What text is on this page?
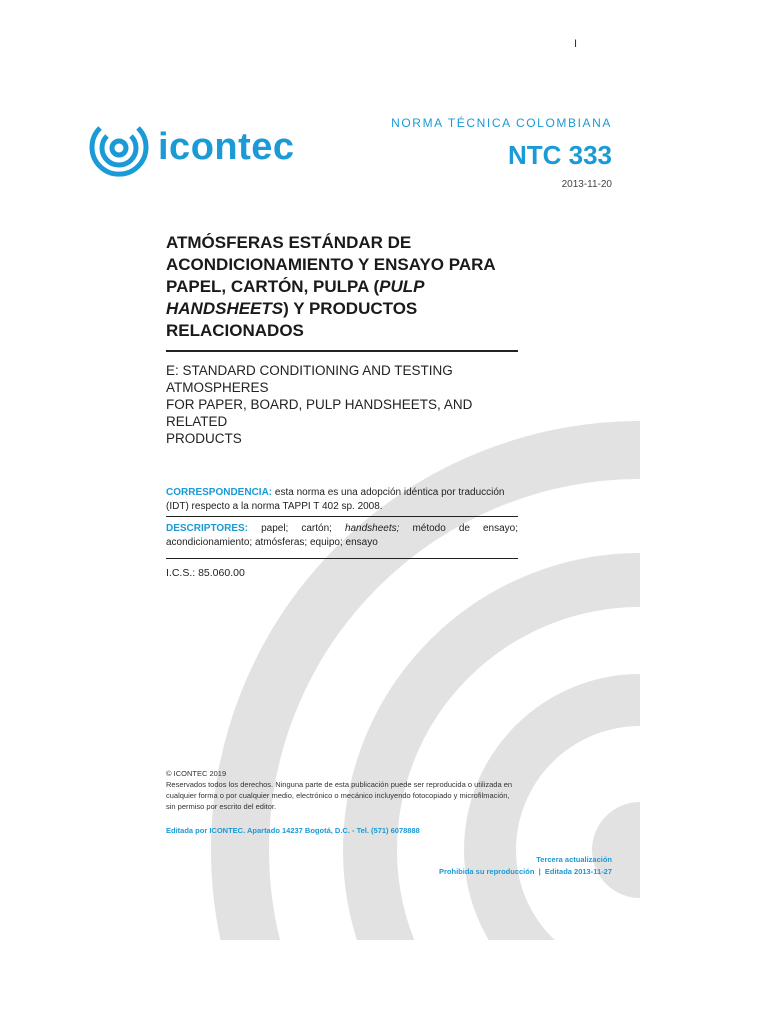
I
icontec
NORMA TÉCNICA COLOMBIANA
NTC 333
2013-11-20
ATMÓSFERAS ESTÁNDAR DE
ACONDICIONAMIENTO Y ENSAYO PARA
PAPEL, CARTÓN, PULPA (PULP
HANDSHEETS) Y PRODUCTOS
RELACIONADOS
E: STANDARD CONDITIONING AND TESTING ATMOSPHERES
FOR PAPER, BOARD, PULP HANDSHEETS, AND RELATED
PRODUCTS
CORRESPONDENCIA: esta norma es una adopción idéntica por traducción (IDT) respecto a la norma TAPPI T 402 sp. 2008.
DESCRIPTORES: papel; cartón; handsheets; método de ensayo;
acondicionamiento; atmósferas; equipo; ensayo
I.C.S.: 85.060.00
© ICONTEC 2019
Reservados todos los derechos. Ninguna parte de esta publicación puede ser reproducida o utilizada en cualquier forma o por cualquier medio, electrónico o mecánico incluyendo fotocopiado y microfilmación, sin permiso por escrito del editor.
Editada por ICONTEC. Apartado 14237 Bogotá, D.C. - Tel. (571) 6078888
Tercera actualización
Prohibida su reproducción | Editada 2013-11-27
